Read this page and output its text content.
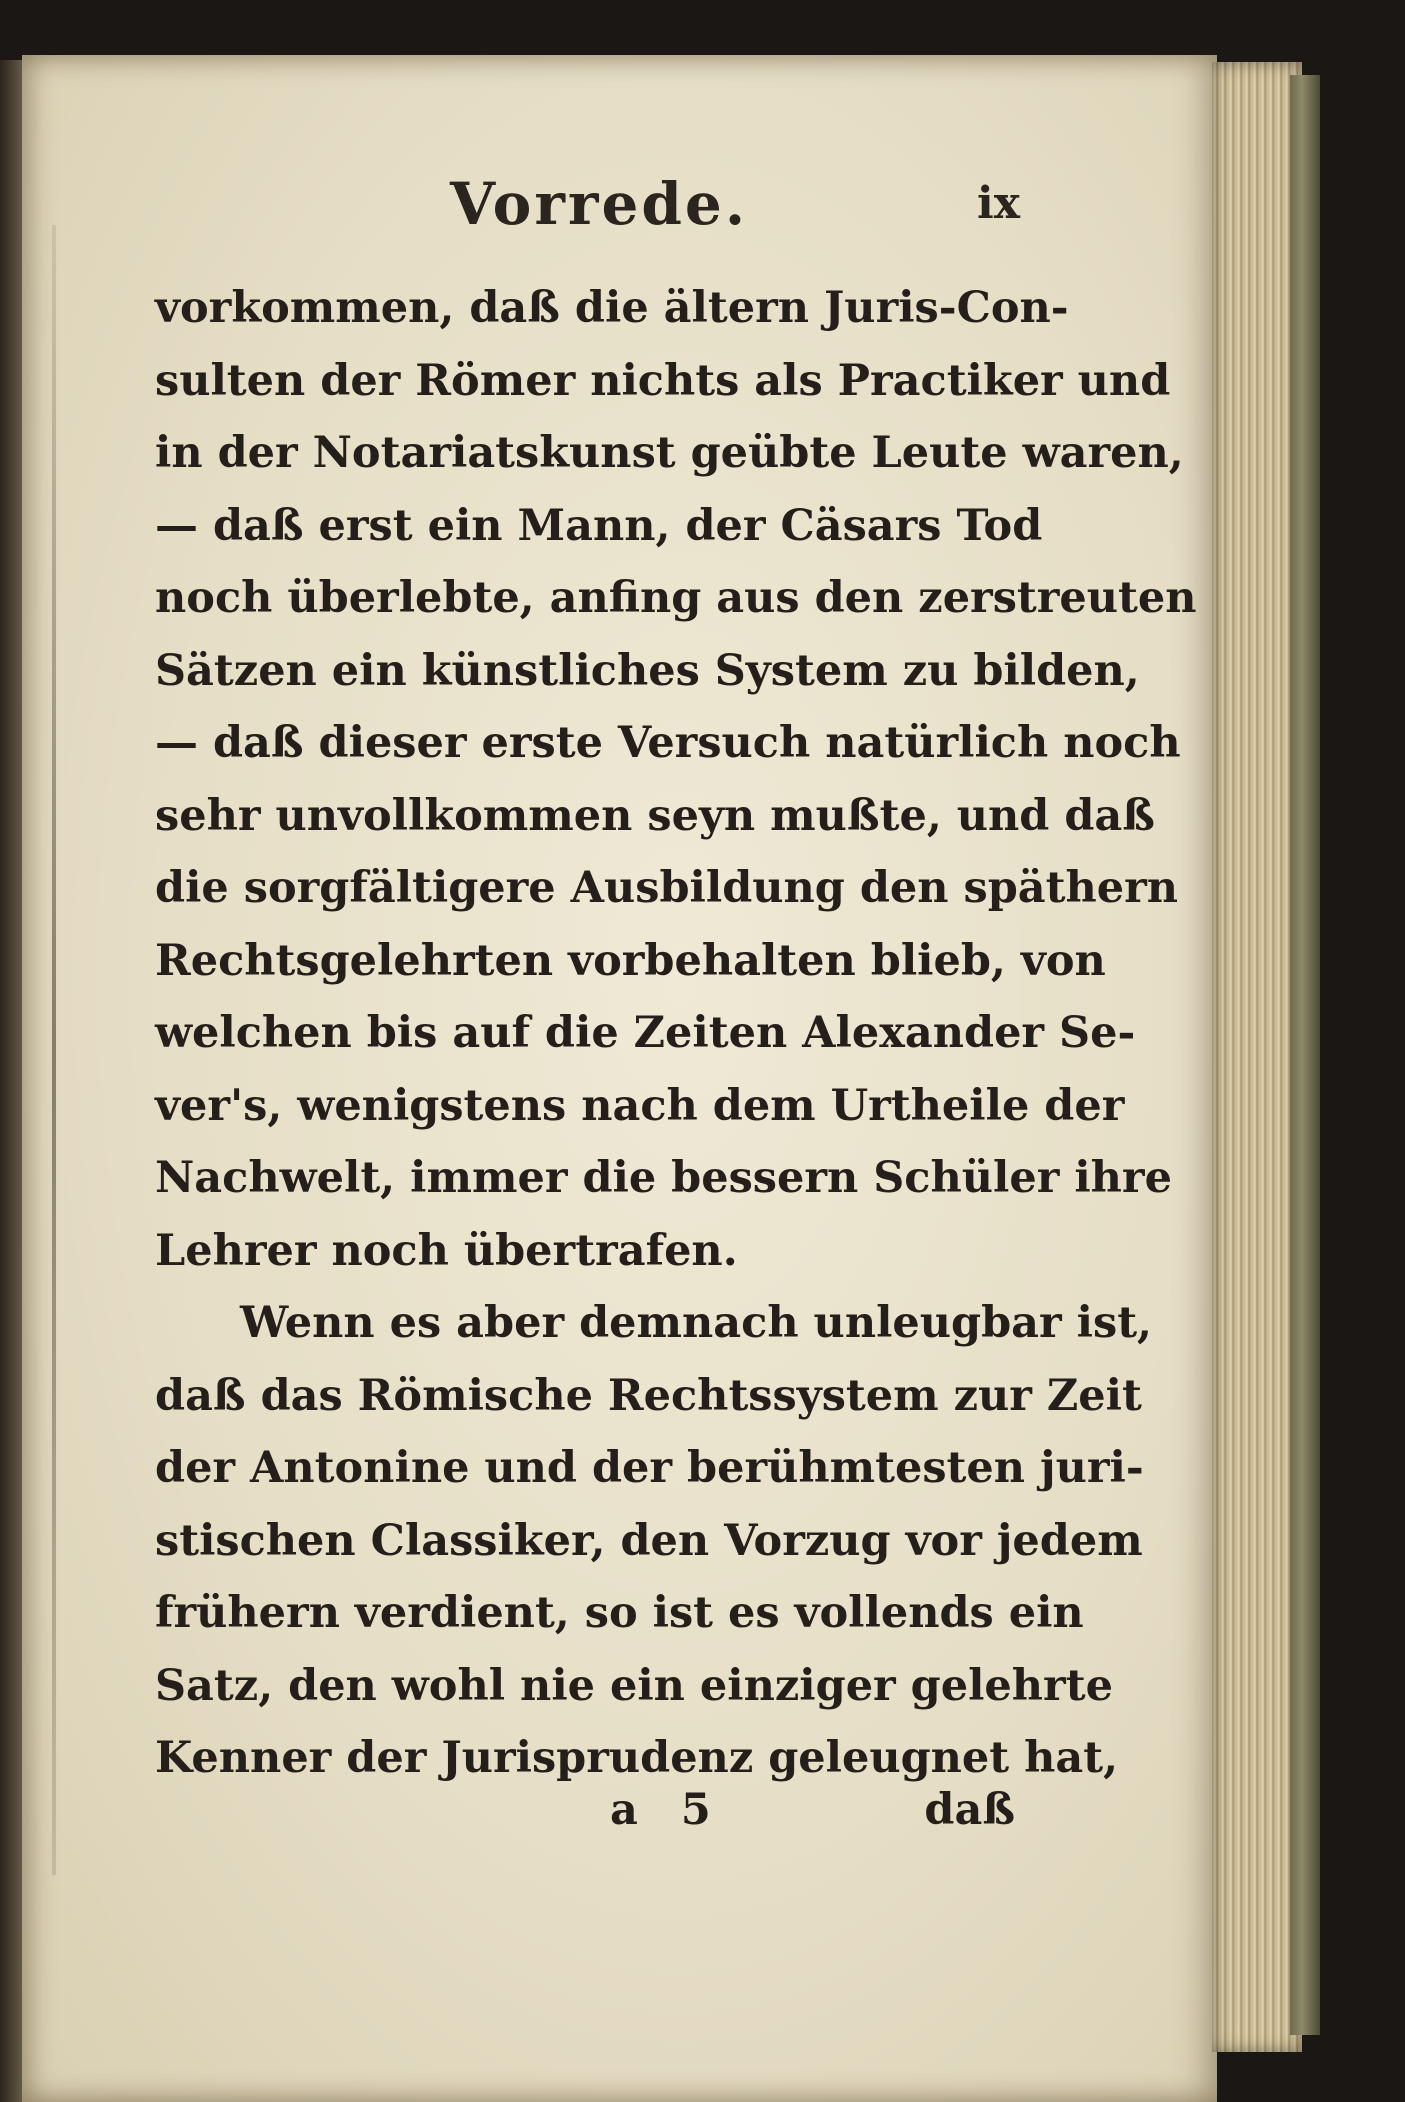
Vorrede.	ix
vorkommen, daß die ältern Juris-Con-
sulten der Römer nichts als Practiker und
in der Notariatskunst geübte Leute waren,
— daß erst ein Mann, der Cäsars Tod
noch überlebte, anfing aus den zerstreuten
Sätzen ein künstliches System zu bilden,
— daß dieser erste Versuch natürlich noch
sehr unvollkommen seyn mußte, und daß
die sorgfältigere Ausbildung den späthern
Rechtsgelehrten vorbehalten blieb, von
welchen bis auf die Zeiten Alexander Se-
ver's, wenigstens nach dem Urtheile der
Nachwelt, immer die bessern Schüler ihre
Lehrer noch übertrafen.
Wenn es aber demnach unleugbar ist,
daß das Römische Rechtssystem zur Zeit
der Antonine und der berühmtesten juri-
stischen Classiker, den Vorzug vor jedem
frühern verdient, so ist es vollends ein
Satz, den wohl nie ein einziger gelehrte
Kenner der Jurisprudenz geleugnet hat,
a 5	daß
